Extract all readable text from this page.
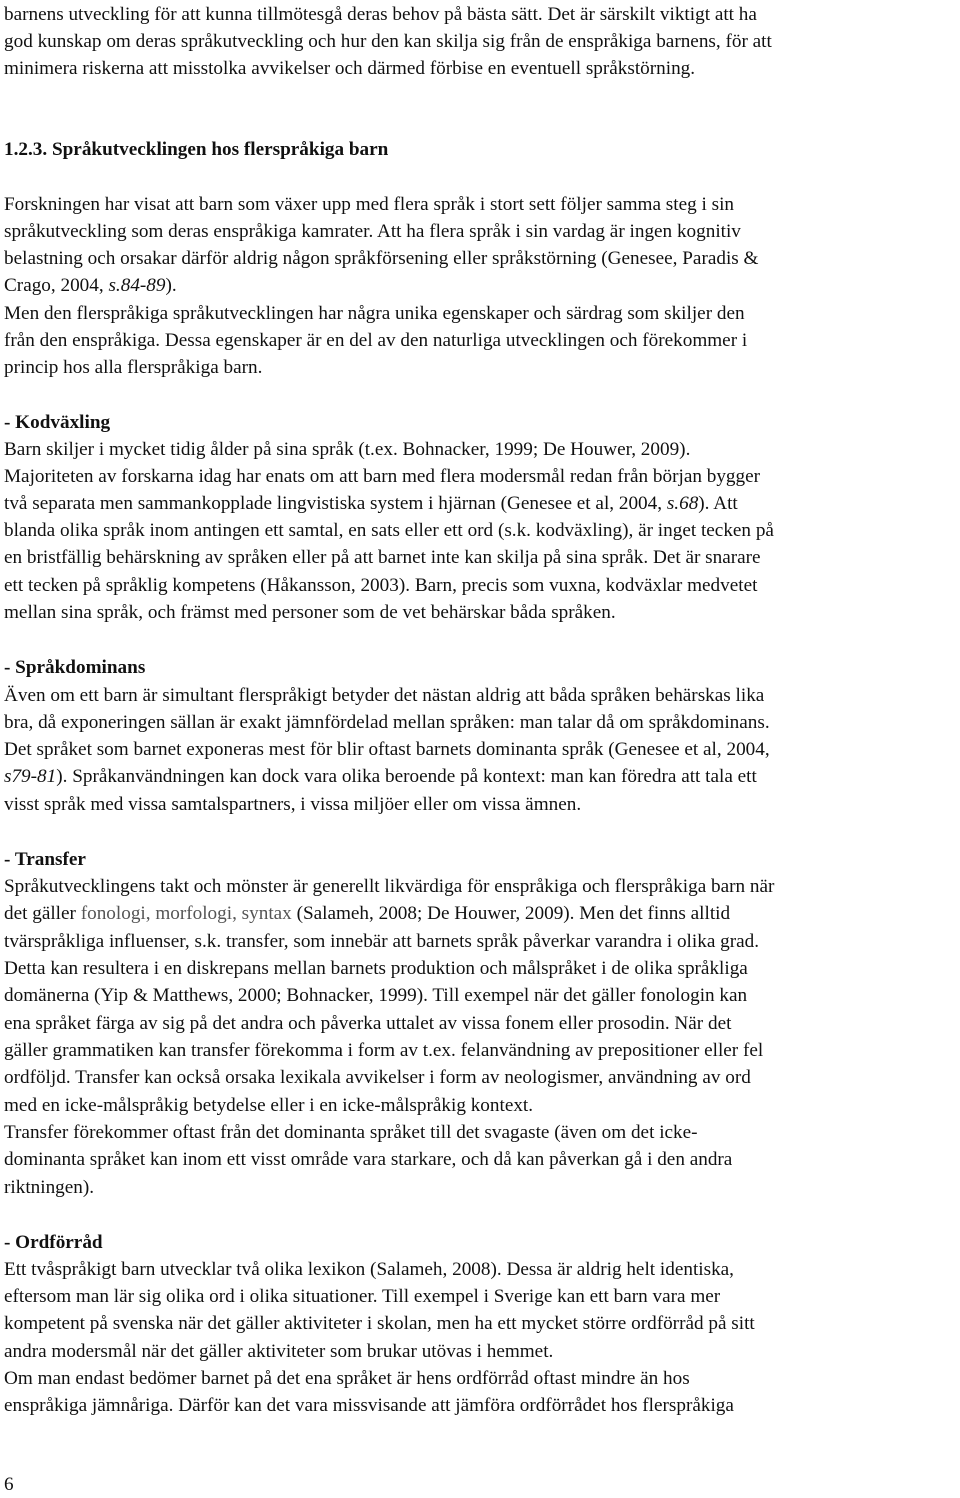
barnens utveckling för att kunna tillmötesgå deras behov på bästa sätt. Det är särskilt viktigt att ha
god kunskap om deras språkutveckling och hur den kan skilja sig från de enspråkiga barnens, för att
minimera riskerna att misstolka avvikelser och därmed förbise en eventuell språkstörning.
1.2.3. Språkutvecklingen hos flerspråkiga barn
Forskningen har visat att barn som växer upp med flera språk i stort sett följer samma steg i sin
språkutveckling som deras enspråkiga kamrater. Att ha flera språk i sin vardag är ingen kognitiv
belastning och orsakar därför aldrig någon språkförsening eller språkstörning (Genesee, Paradis &
Crago, 2004, s.84-89).
Men den flerspråkiga språkutvecklingen har några unika egenskaper och särdrag som skiljer den
från den enspråkiga. Dessa egenskaper är en del av den naturliga utvecklingen och förekommer i
princip hos alla flerspråkiga barn.
- Kodväxling
Barn skiljer i mycket tidig ålder på sina språk (t.ex. Bohnacker, 1999; De Houwer, 2009).
Majoriteten av forskarna idag har enats om att barn med flera modersmål redan från början bygger
två separata men sammankopplade lingvistiska system i hjärnan (Genesee et al, 2004, s.68). Att
blanda olika språk inom antingen ett samtal, en sats eller ett ord (s.k. kodväxling), är inget tecken på
en bristfällig behärskning av språken eller på att barnet inte kan skilja på sina språk. Det är snarare
ett tecken på språklig kompetens (Håkansson, 2003). Barn, precis som vuxna, kodväxlar medvetet
mellan sina språk, och främst med personer som de vet behärskar båda språken.
- Språkdominans
Även om ett barn är simultant flerspråkigt betyder det nästan aldrig att båda språken behärskas lika
bra, då exponeringen sällan är exakt jämnfördelad mellan språken: man talar då om språkdominans.
Det språket som barnet exponeras mest för blir oftast barnets dominanta språk (Genesee et al, 2004,
s79-81). Språkanvändningen kan dock vara olika beroende på kontext: man kan föredra att tala ett
visst språk med vissa samtalspartners, i vissa miljöer eller om vissa ämnen.
- Transfer
Språkutvecklingens takt och mönster är generellt likvärdiga för enspråkiga och flerspråkiga barn när
det gäller fonologi, morfologi, syntax (Salameh, 2008; De Houwer, 2009). Men det finns alltid
tvärspråkliga influenser, s.k. transfer, som innebär att barnets språk påverkar varandra i olika grad.
Detta kan resultera i en diskrepans mellan barnets produktion och målspråket i de olika språkliga
domänerna (Yip & Matthews, 2000; Bohnacker, 1999). Till exempel när det gäller fonologin kan
ena språket färga av sig på det andra och påverka uttalet av vissa fonem eller prosodin. När det
gäller grammatiken kan transfer förekomma i form av t.ex. felanvändning av prepositioner eller fel
ordföljd. Transfer kan också orsaka lexikala avvikelser i form av neologismer, användning av ord
med en icke-målspråkig betydelse eller i en icke-målspråkig kontext.
Transfer förekommer oftast från det dominanta språket till det svagaste (även om det icke-
dominanta språket kan inom ett visst område vara starkare, och då kan påverkan gå i den andra
riktningen).
- Ordförråd
Ett tvåspråkigt barn utvecklar två olika lexikon (Salameh, 2008). Dessa är aldrig helt identiska,
eftersom man lär sig olika ord i olika situationer. Till exempel i Sverige kan ett barn vara mer
kompetent på svenska när det gäller aktiviteter i skolan, men ha ett mycket större ordförråd på sitt
andra modersmål när det gäller aktiviteter som brukar utövas i hemmet.
Om man endast bedömer barnet på det ena språket är hens ordförråd oftast mindre än hos
enspråkiga jämnåriga. Därför kan det vara missvisande att jämföra ordförrådet hos flerspråkiga
6
